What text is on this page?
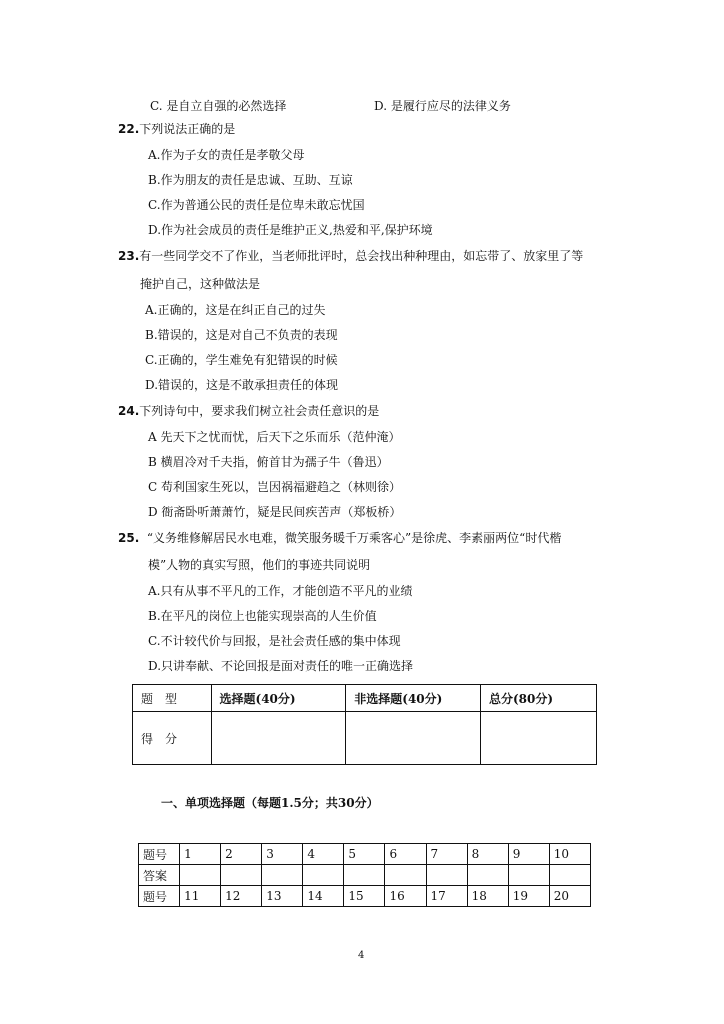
C. 是自立自强的必然选择	D. 是履行应尽的法律义务
22.下列说法正确的是
A.作为子女的责任是孝敬父母
B.作为朋友的责任是忠诚、互助、互谅
C.作为普通公民的责任是位卑未敢忘忧国
D.作为社会成员的责任是维护正义,热爱和平,保护环境
23.有一些同学交不了作业，当老师批评时，总会找出种种理由，如忘带了、放家里了等
掩护自己，这种做法是
A.正确的，这是在纠正自己的过失
B.错误的，这是对自己不负责的表现
C.正确的，学生难免有犯错误的时候
D.错误的，这是不敢承担责任的体现
24.下列诗句中，要求我们树立社会责任意识的是
A 先天下之忧而忧，后天下之乐而乐（范仲淹）
B 横眉冷对千夫指，俯首甘为孺子牛（鲁迅）
C 苟利国家生死以，岂因祸福避趋之（林则徐）
D 衙斋卧听萧萧竹，疑是民间疾苦声（郑板桥）
25. “义务维修解居民水电难，微笑服务暖千万乘客心”是徐虎、李素丽两位“时代楷
模”人物的真实写照，他们的事迹共同说明
A.只有从事不平凡的工作，才能创造不平凡的业绩
B.在平凡的岗位上也能实现崇高的人生价值
C.不计较代价与回报，是社会责任感的集中体现
D.只讲奉献、不论回报是面对责任的唯一正确选择
题　型	选择题(40分)	非选择题(40分)	总分(80分)
得　分			
一、单项选择题（每题1.5分；共30分）
题号	1	2	3	4	5	6	7	8	9	10
答案										
题号	11	12	13	14	15	16	17	18	19	20
4
